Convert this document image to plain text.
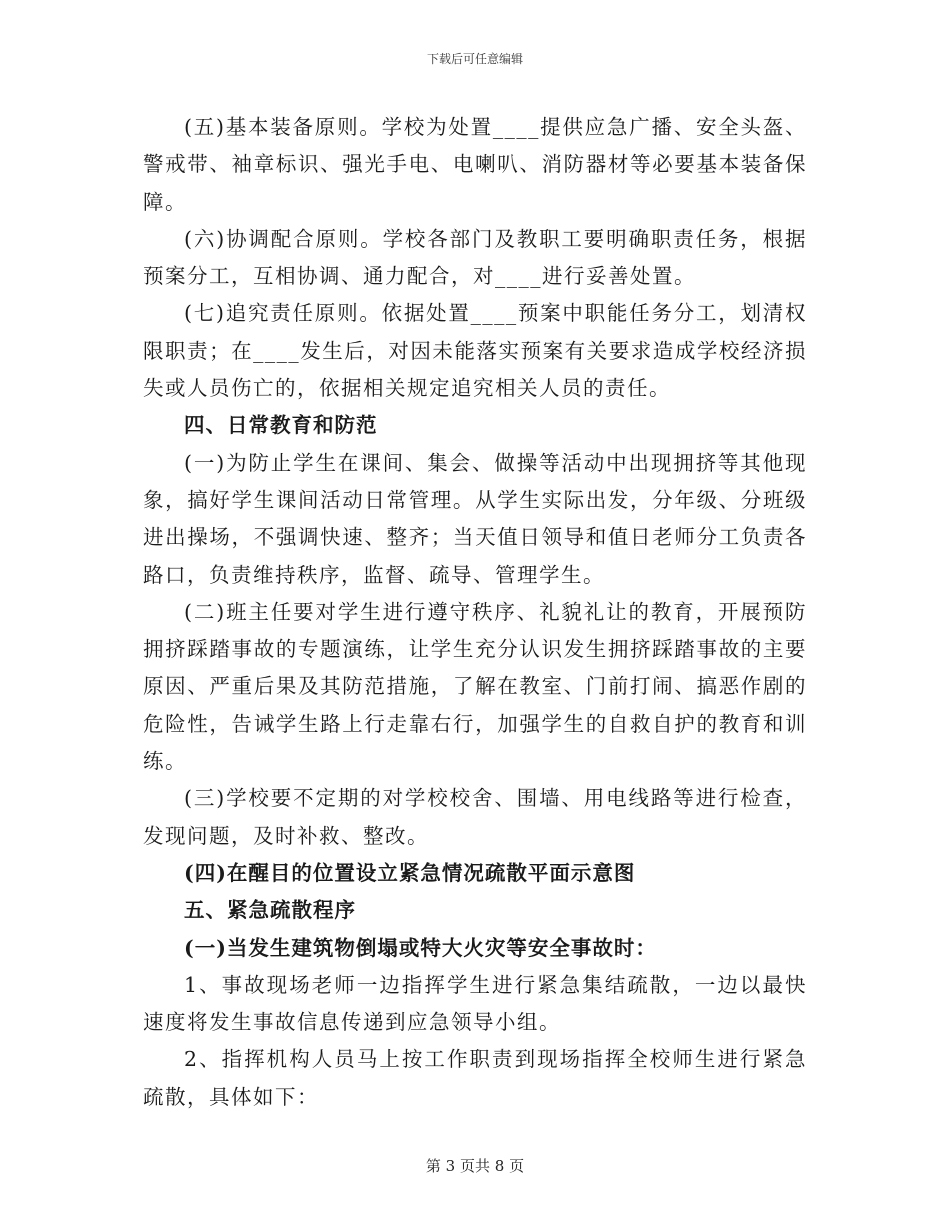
下载后可任意编辑

(五)基本装备原则。学校为处置____提供应急广播、安全头盔、警戒带、袖章标识、强光手电、电喇叭、消防器材等必要基本装备保障。

(六)协调配合原则。学校各部门及教职工要明确职责任务，根据预案分工，互相协调、通力配合，对____进行妥善处置。

(七)追究责任原则。依据处置____预案中职能任务分工，划清权限职责；在____发生后，对因未能落实预案有关要求造成学校经济损失或人员伤亡的，依据相关规定追究相关人员的责任。

四、日常教育和防范

(一)为防止学生在课间、集会、做操等活动中出现拥挤等其他现象，搞好学生课间活动日常管理。从学生实际出发，分年级、分班级进出操场，不强调快速、整齐；当天值日领导和值日老师分工负责各路口，负责维持秩序，监督、疏导、管理学生。

(二)班主任要对学生进行遵守秩序、礼貌礼让的教育，开展预防拥挤踩踏事故的专题演练，让学生充分认识发生拥挤踩踏事故的主要原因、严重后果及其防范措施，了解在教室、门前打闹、搞恶作剧的危险性，告诫学生路上行走靠右行，加强学生的自救自护的教育和训练。

(三)学校要不定期的对学校校舍、围墙、用电线路等进行检查，发现问题，及时补救、整改。

(四)在醒目的位置设立紧急情况疏散平面示意图

五、紧急疏散程序

(一)当发生建筑物倒塌或特大火灾等安全事故时：

1、事故现场老师一边指挥学生进行紧急集结疏散，一边以最快速度将发生事故信息传递到应急领导小组。

2、指挥机构人员马上按工作职责到现场指挥全校师生进行紧急疏散，具体如下：

第 3 页共 8 页
